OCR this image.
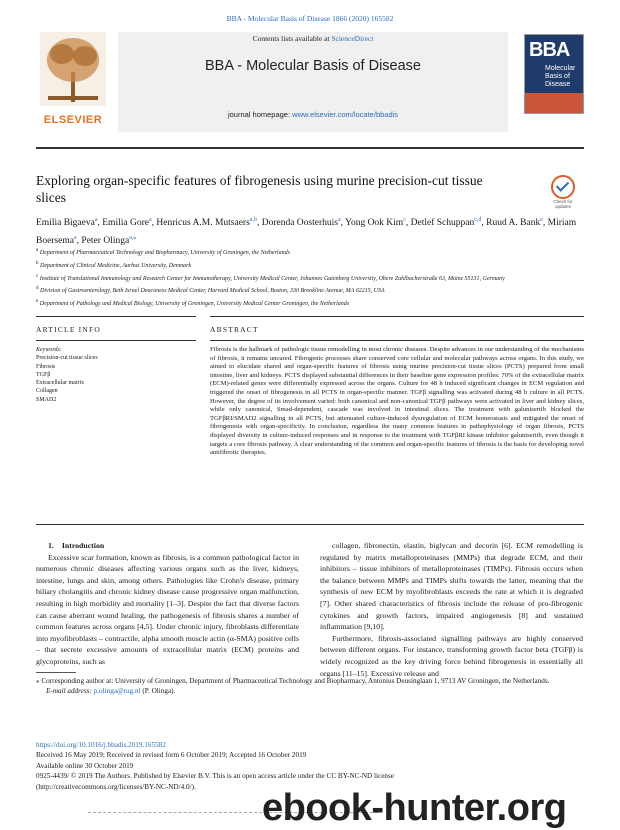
BBA - Molecular Basis of Disease 1866 (2020) 165582
ELSEVIER
Contents lists available at ScienceDirect
BBA - Molecular Basis of Disease
journal homepage: www.elsevier.com/locate/bbadis
BBA
Molecular Basis of Disease
Exploring organ-specific features of fibrogenesis using murine precision-cut tissue slices	Check for updates
Emilia Bigaeva$^a$, Emilia Gore$^a$, Henricus A.M. Mutsaers$^{a,b}$, Dorenda Oosterhuis$^a$, Yong Ook Kim$^c$, Detlef Schuppan$^{c,d}$, Ruud A. Bank$^e$, Miriam Boersema$^a$, Peter Olinga$^{a,⁎}$
$^a$ Department of Pharmaceutical Technology and Biopharmacy, University of Groningen, the Netherlands
$^b$ Department of Clinical Medicine, Aarhus University, Denmark
$^c$ Institute of Translational Immunology and Research Center for Immunotherapy, University Medical Center, Johannes Gutenberg University, Obere Zahlbacherstraße 63, Mainz 55131, Germany
$^d$ Division of Gastroenterology, Beth Israel Deaconess Medical Center, Harvard Medical School, Boston, 330 Brookline Avenue, MA 02215, USA
$^e$ Department of Pathology and Medical Biology, University of Groningen, University Medical Center Groningen, the Netherlands
ARTICLE INFO	ABSTRACT
Keywords:
Precision-cut tissue slices
Fibrosis
TGFβ
Extracellular matrix
Collagen
SMAD2
Fibrosis is the hallmark of pathologic tissue remodelling in most chronic diseases. Despite advances in our understanding of the mechanisms of fibrosis, it remains uncured. Fibrogenic processes share conserved core cellular and molecular pathways across organs. In this study, we aimed to elucidate shared and organ-specific features of fibrosis using murine precision-cut tissue slices (PCTS) prepared from small intestine, liver and kidneys. PCTS displayed substantial differences in their baseline gene expression profiles: 70% of the extracellular matrix (ECM)-related genes were differentially expressed across the organs. Culture for 48 h induced significant changes in ECM regulation and triggered the onset of fibrogenesis in all PCTS in organ-specific manner. TGFβ signalling was activated during 48 h culture in all PCTS. However, the degree of its involvement varied: both canonical and non-canonical TGFβ pathways were activated in liver and kidney slices, while only canonical, Smad-dependent, cascade was involved in intestinal slices. The treatment with galunisertib blocked the TGFβRI/SMAD2 signalling in all PCTS, but attenuated culture-induced dysregulation of ECM homeostasis and mitigated the onset of fibrogenesis with organ-specificity. In conclusion, regardless the many common features in pathophysiology of organ fibrosis, PCTS displayed diversity in culture-induced responses and in response to the treatment with TGFβRI kinase inhibitor galunisertib, even though it targets a core fibrosis pathway. A clear understanding of the common and organ-specific features of fibrosis is the basis for developing novel antifibrotic therapies.

1. Introduction

Excessive scar formation, known as fibrosis, is a common pathological factor in numerous chronic diseases affecting various organs such as the liver, kidneys, intestine, lungs and skin, among others. Pathologies like Crohn's disease, primary biliary cholangitis and chronic kidney disease cause progressive organ malfunction, resulting in high morbidity and mortality [1–3]. Despite the fact that diverse factors can cause aberrant wound healing, the pathogenesis of fibrosis shares a number of common features across organs [4,5]. Under chronic injury, fibroblasts differentiate into myofibroblasts – contractile, alpha smooth muscle actin (α-SMA) positive cells – that secrete excessive amounts of extracellular matrix (ECM) proteins and glycoproteins, such as

collagen, fibronectin, elastin, biglycan and decorin [6]. ECM remodelling is regulated by matrix metalloproteinases (MMPs) that degrade ECM, and their inhibitors – tissue inhibitors of metalloproteinases (TIMPs). Fibrosis occurs when the balance between MMPs and TIMPs shifts towards the latter, meaning that the synthesis of new ECM by myofibroblasts exceeds the rate at which it is degraded [7]. Other shared characteristics of fibrosis include the release of pro-fibrogenic cytokines and growth factors, impaired angiogenesis [8] and sustained inflammation [9,10].

Furthermore, fibrosis-associated signalling pathways are highly conserved between different organs. For instance, transforming growth factor beta (TGFβ) is widely recognized as the key driving force behind fibrogenesis in essentially all organs [11–15]. Excessive release and

⁎ Corresponding author at: University of Groningen, Department of Pharmaceutical Technology and Biopharmacy, Antonius Deusinglaan 1, 9713 AV Groningen, the Netherlands.
E-mail address: p.olinga@rug.nl (P. Olinga).
https://doi.org/10.1016/j.bbadis.2019.165582
Received 16 May 2019; Received in revised form 6 October 2019; Accepted 16 October 2019
Available online 30 October 2019
0925-4439/ © 2019 The Authors. Published by Elsevier B.V. This is an open access article under the CC BY-NC-ND license
(http://creativecommons.org/licenses/BY-NC-ND/4.0/).
ebook-hunter.org
